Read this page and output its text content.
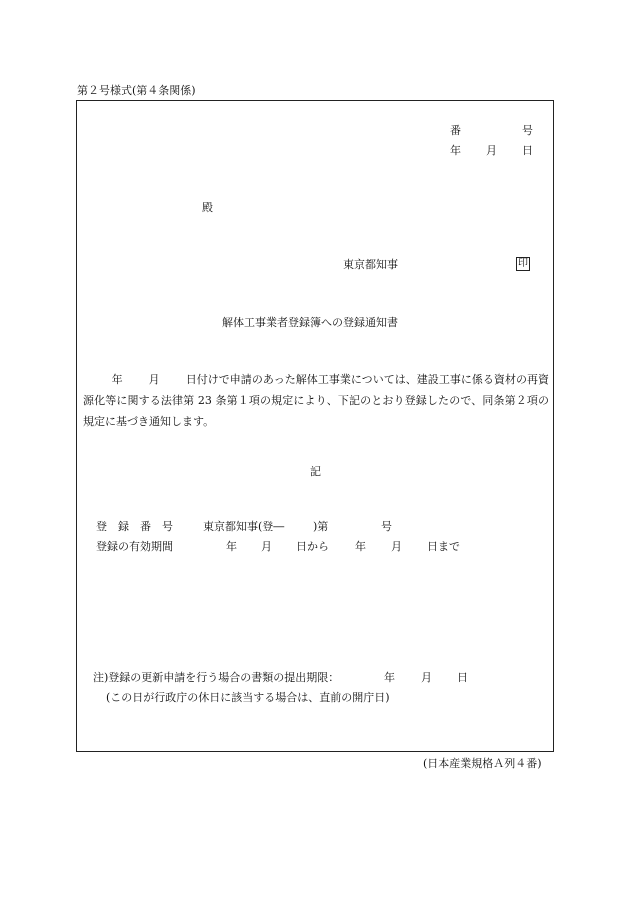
第２号様式(第４条関係)
番	号
年 月 日
殿
東京都知事	印
解体工事業者登録簿への登録通知書
年 月 日付けで申請のあった解体工事業については、建設工事に係る資材の再資源化等に関する法律第 23 条第１項の規定により、下記のとおり登録したので、同条第２項の規定に基づき通知します。
記
登　録　番　号	東京都知事(登―	)第	号
登録の有効期間	年 月 日から 年 月 日まで
注)登録の更新申請を行う場合の書類の提出期限：	年 月 日
(この日が行政庁の休日に該当する場合は、直前の開庁日)
(日本産業規格Ａ列４番)
